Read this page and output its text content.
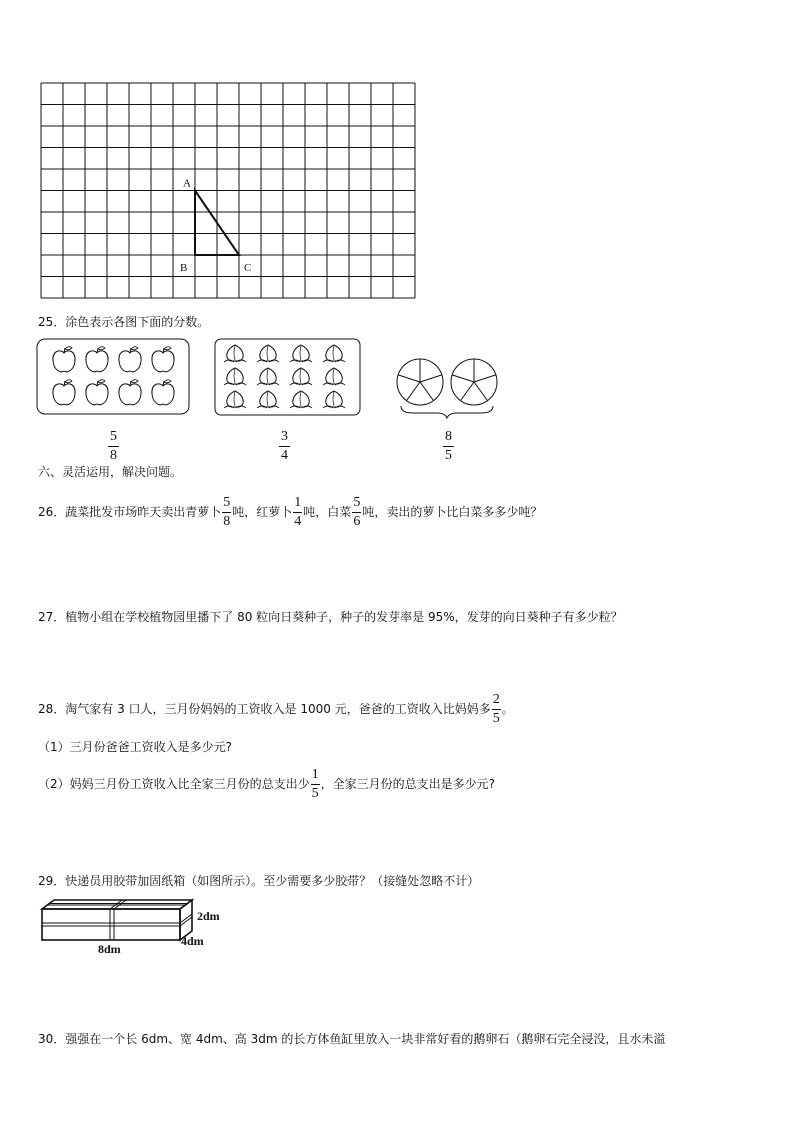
A
B	C
25．涂色表示各图下面的分数。
5
8
3
4
8
5
六、灵活运用，解决问题。
26．蔬菜批发市场昨天卖出青萝卜 $\frac{5}{8}$ 吨，红萝卜 $\frac{1}{4}$ 吨，白菜 $\frac{5}{6}$ 吨，卖出的萝卜比白菜多多少吨？
27．植物小组在学校植物园里播下了 80 粒向日葵种子，种子的发芽率是 95%，发芽的向日葵种子有多少粒？
28．淘气家有 3 口人，三月份妈妈的工资收入是 1000 元，爸爸的工资收入比妈妈多 $\frac{2}{5}$ 。
（1）三月份爸爸工资收入是多少元?
（2）妈妈三月份工资收入比全家三月份的总支出少 $\frac{1}{5}$ ，全家三月份的总支出是多少元?
29．快递员用胶带加固纸箱（如图所示）。至少需要多少胶带？（接缝处忽略不计）
2dm
4dm
8dm
30．强强在一个长 6dm、宽 4dm、高 3dm 的长方体鱼缸里放入一块非常好看的鹅卵石（鹅卵石完全浸没，且水未溢
